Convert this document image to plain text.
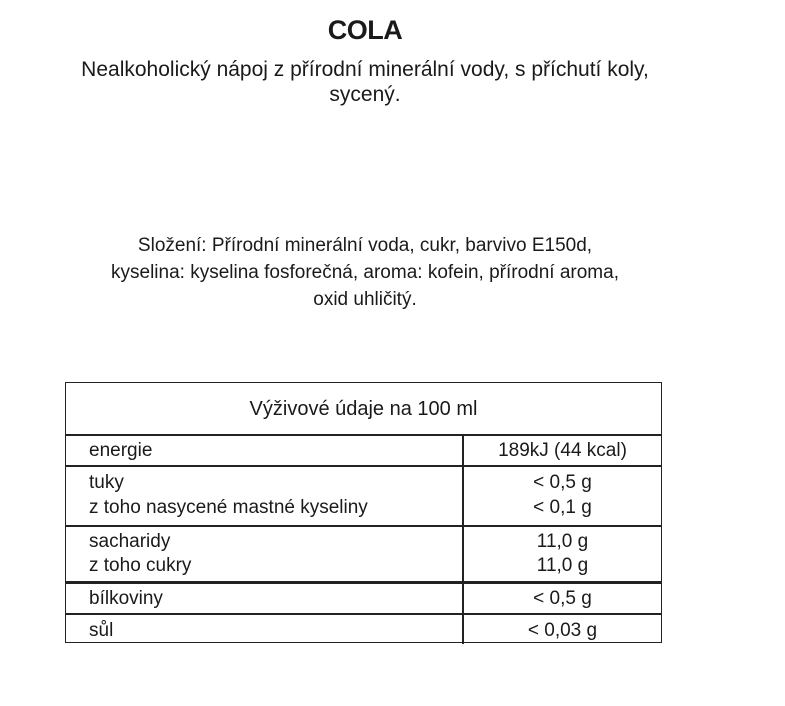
COLA
Nealkoholický nápoj z přírodní minerální vody, s příchutí koly,
sycený.
Složení: Přírodní minerální voda, cukr, barvivo E150d,
kyselina: kyselina fosforečná, aroma: kofein, přírodní aroma,
oxid uhličitý.
Výživové údaje na 100 ml
energie	189kJ (44 kcal)
tuky	< 0,5 g
z toho nasycené mastné kyseliny	< 0,1 g
sacharidy	11,0 g
z toho cukry	11,0 g
bílkoviny	< 0,5 g
sůl	< 0,03 g
